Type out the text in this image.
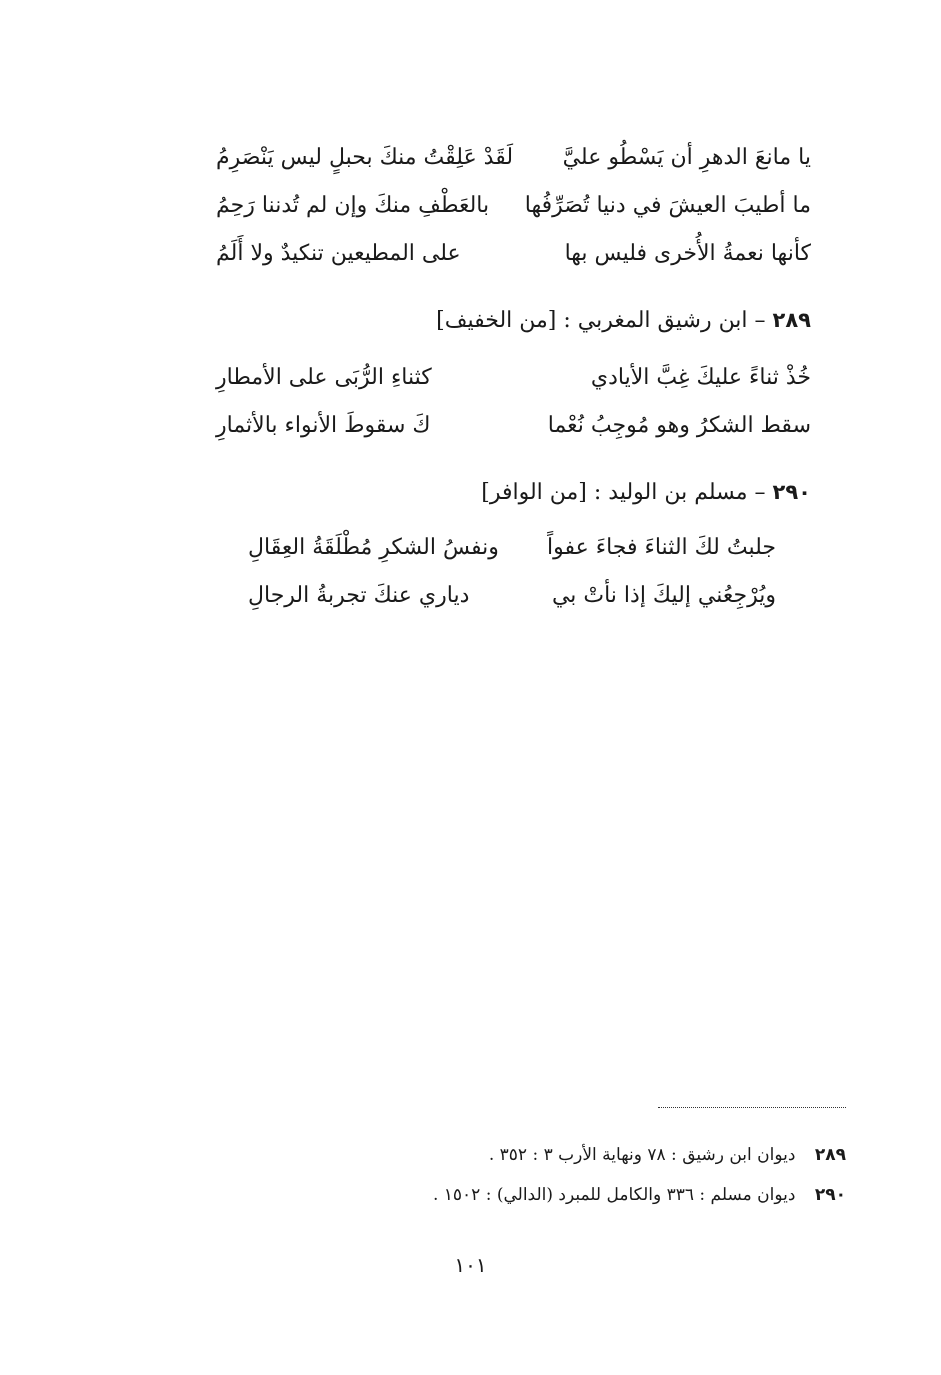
يا مانعَ الدهرِ أن يَسْطُو عليَّ
لَقَدْ عَلِقْتُ منكَ بحبلٍ ليس يَنْصَرِمُ
ما أطيبَ العيشَ في دنيا تُصَرِّفُها
بالعَطْفِ منكَ وإن لم تُدننا رَحِمُ
كأنها نعمةُ الأُخرى فليس بها
على المطيعين تنكيدٌ ولا أَلَمُ
٢٨٩ – ابن رشيق المغربي : [من الخفيف]
خُذْ ثناءً عليكَ غِبَّ الأيادي
كثناءِ الرُّبَى على الأمطارِ
سقط الشكرُ وهو مُوجِبُ نُعْما
كَ سقوطَ الأنواء بالأثمارِ
٢٩٠ – مسلم بن الوليد : [من الوافر]
جلبتُ لكَ الثناءَ فجاءَ عفواً
ونفسُ الشكرِ مُطْلَقَةُ العِقَالِ
ويُرْجِعُني إليكَ إذا نأتْ بي
دياري عنكَ تجربةُ الرجالِ
٢٨٩ ديوان ابن رشيق : ٧٨ ونهاية الأرب ٣ : ٣٥٢ .
٢٩٠ ديوان مسلم : ٣٣٦ والكامل للمبرد (الدالي) : ١٥٠٢ .
١٠١
